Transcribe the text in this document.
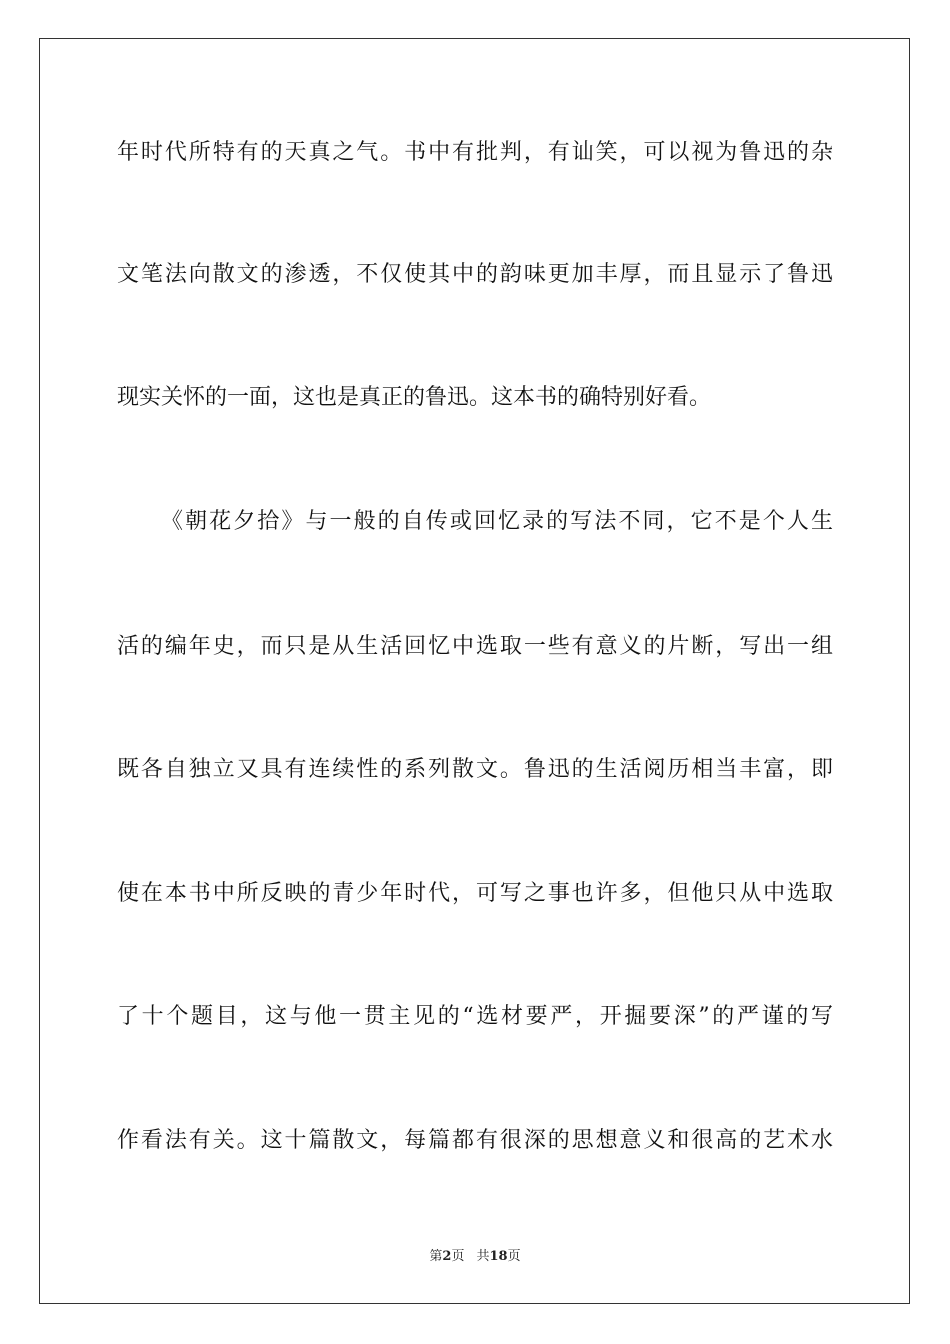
年时代所特有的天真之气。书中有批判，有讪笑，可以视为鲁迅的杂
文笔法向散文的渗透，不仅使其中的韵味更加丰厚，而且显示了鲁迅
现实关怀的一面，这也是真正的鲁迅。这本书的确特别好看。
《朝花夕拾》与一般的自传或回忆录的写法不同，它不是个人生
活的编年史，而只是从生活回忆中选取一些有意义的片断，写出一组
既各自独立又具有连续性的系列散文。鲁迅的生活阅历相当丰富，即
使在本书中所反映的青少年时代，可写之事也许多，但他只从中选取
了十个题目，这与他一贯主见的“选材要严，开掘要深”的严谨的写
作看法有关。这十篇散文，每篇都有很深的思想意义和很高的艺术水
第2页 共18页
